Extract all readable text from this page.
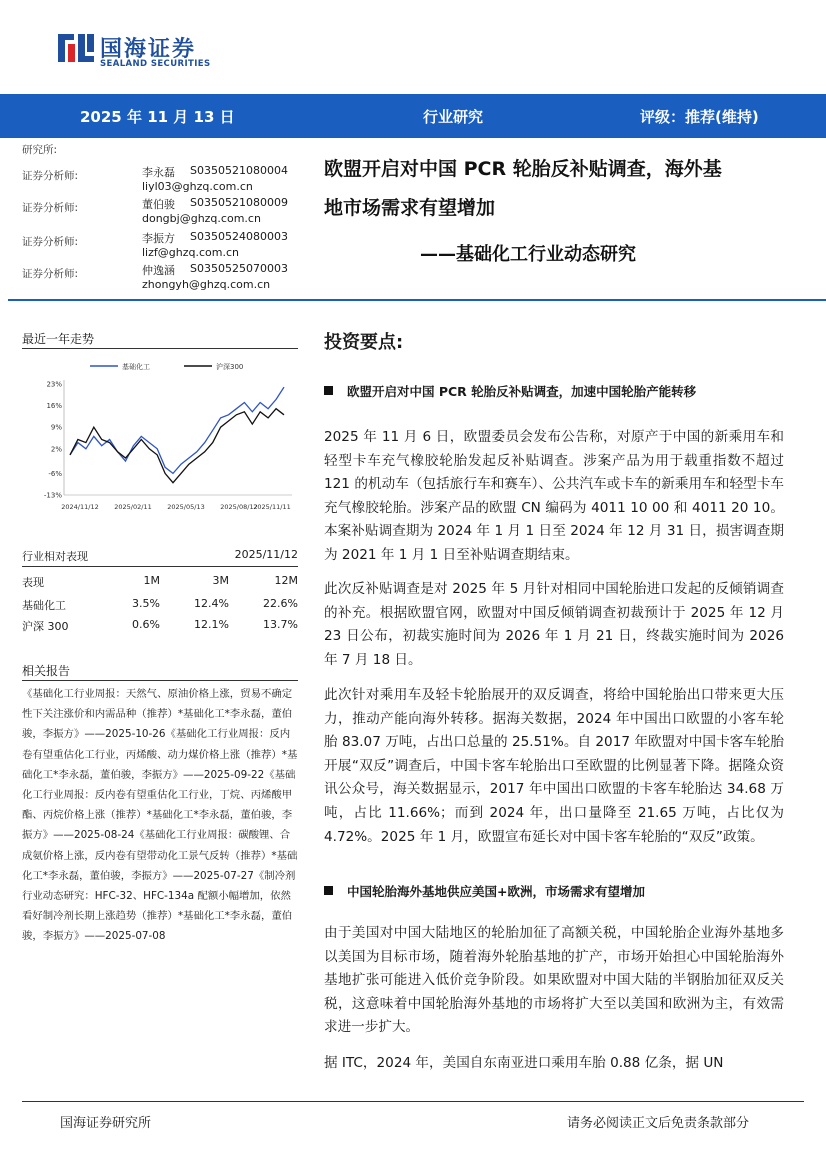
国海证券
SEALAND SECURITIES
2025 年 11 月 13 日	行业研究	评级：推荐(维持)
研究所:
证券分析师:	李永磊 S0350521080004
liyl03@ghzq.com.cn
证券分析师:	董伯骏 S0350521080009
dongbj@ghzq.com.cn
证券分析师:	李振方 S0350524080003
lizf@ghzq.com.cn
证券分析师:	仲逸涵 S0350525070003
zhongyh@ghzq.com.cn
欧盟开启对中国 PCR 轮胎反补贴调查，海外基
地市场需求有望增加
——基础化工行业动态研究
最近一年走势
基础化工	沪深300
23%
16%
9%
2%
-6%
-13%
2024/11/12 2025/02/11 2025/05/13 2025/08/12
2025/11/11
行业相对表现	2025/11/12
表现	1M	3M	12M
基础化工	3.5%	12.4%	22.6%
沪深 300	0.6%	12.1%	13.7%
相关报告
《基础化工行业周报：天然气、原油价格上涨，贸易不确定性下关注涨价和内需品种（推荐）*基础化工*李永磊，董伯骏，李振方》——2025-10-26《基础化工行业周报：反内卷有望重估化工行业，丙烯酸、动力煤价格上涨（推荐）*基础化工*李永磊，董伯骏，李振方》——2025-09-22《基础化工行业周报：反内卷有望重估化工行业，丁烷、丙烯酸甲酯、丙烷价格上涨（推荐）*基础化工*李永磊，董伯骏，李振方》——2025-08-24《基础化工行业周报：碳酸锂、合成氨价格上涨，反内卷有望带动化工景气反转（推荐）*基础化工*李永磊，董伯骏，李振方》——2025-07-27《制冷剂行业动态研究：HFC-32、HFC-134a 配额小幅增加，依然看好制冷剂长期上涨趋势（推荐）*基础化工*李永磊，董伯骏，李振方》——2025-07-08
投资要点:
欧盟开启对中国 PCR 轮胎反补贴调查，加速中国轮胎产能转移
2025 年 11 月 6 日，欧盟委员会发布公告称，对原产于中国的新乘用车和轻型卡车充气橡胶轮胎发起反补贴调查。涉案产品为用于载重指数不超过 121 的机动车（包括旅行车和赛车）、公共汽车或卡车的新乘用车和轻型卡车充气橡胶轮胎。涉案产品的欧盟 CN 编码为 4011 10 00 和 4011 20 10。本案补贴调查期为 2024 年 1 月 1 日至 2024 年 12 月 31 日，损害调查期为 2021 年 1 月 1 日至补贴调查期结束。
此次反补贴调查是对 2025 年 5 月针对相同中国轮胎进口发起的反倾销调查的补充。根据欧盟官网，欧盟对中国反倾销调查初裁预计于 2025 年 12 月 23 日公布，初裁实施时间为 2026 年 1 月 21 日，终裁实施时间为 2026 年 7 月 18 日。
此次针对乘用车及轻卡轮胎展开的双反调查，将给中国轮胎出口带来更大压力，推动产能向海外转移。据海关数据，2024 年中国出口欧盟的小客车轮胎 83.07 万吨，占出口总量的 25.51%。自 2017 年欧盟对中国卡客车轮胎开展“双反”调查后，中国卡客车轮胎出口至欧盟的比例显著下降。据隆众资讯公众号，海关数据显示，2017 年中国出口欧盟的卡客车轮胎达 34.68 万吨，占比 11.66%；而到 2024 年，出口量降至 21.65 万吨，占比仅为 4.72%。2025 年 1 月，欧盟宣布延长对中国卡客车轮胎的“双反”政策。
中国轮胎海外基地供应美国+欧洲，市场需求有望增加
由于美国对中国大陆地区的轮胎加征了高额关税，中国轮胎企业海外基地多以美国为目标市场，随着海外轮胎基地的扩产，市场开始担心中国轮胎海外基地扩张可能进入低价竞争阶段。如果欧盟对中国大陆的半钢胎加征双反关税，这意味着中国轮胎海外基地的市场将扩大至以美国和欧洲为主，有效需求进一步扩大。
据 ITC，2024 年，美国自东南亚进口乘用车胎 0.88 亿条，据 UN
国海证券研究所	请务必阅读正文后免责条款部分
